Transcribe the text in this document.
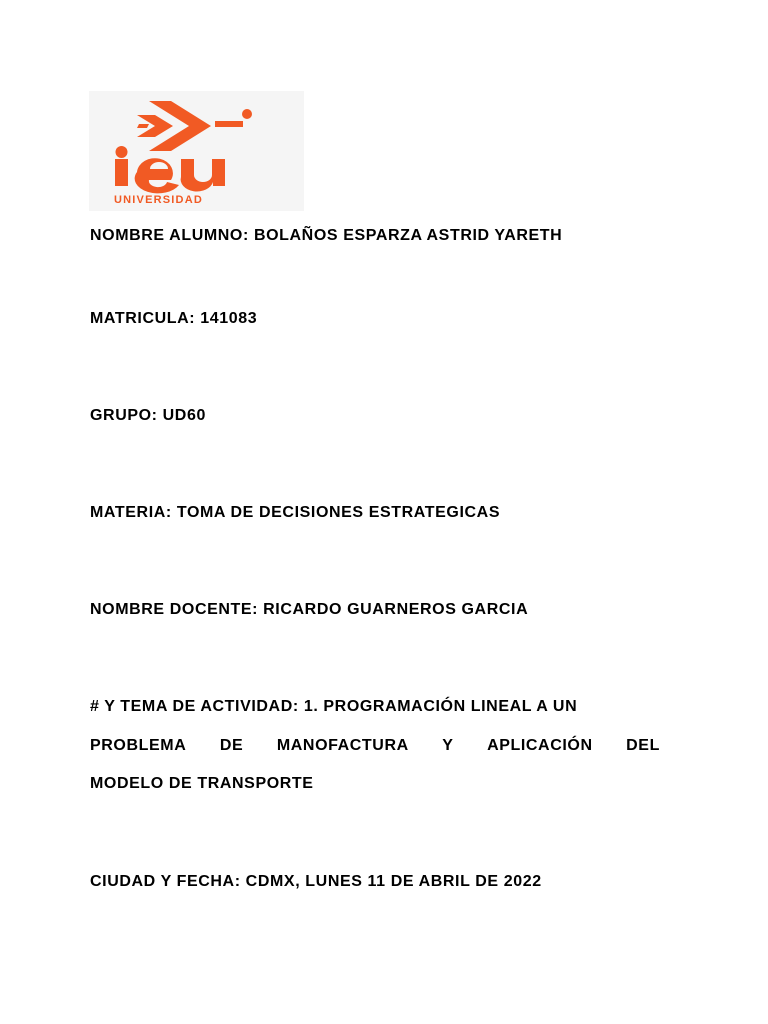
UNIVERSIDAD
NOMBRE ALUMNO: BOLAÑOS ESPARZA ASTRID YARETH
MATRICULA: 141083
GRUPO: UD60
MATERIA: TOMA DE DECISIONES ESTRATEGICAS
NOMBRE DOCENTE: RICARDO GUARNEROS GARCIA
# Y TEMA DE ACTIVIDAD: 1. PROGRAMACIÓN LINEAL A UN
PROBLEMA DE MANOFACTURA Y APLICACIÓN DEL
MODELO DE TRANSPORTE
CIUDAD Y FECHA: CDMX, LUNES 11 DE ABRIL DE 2022
